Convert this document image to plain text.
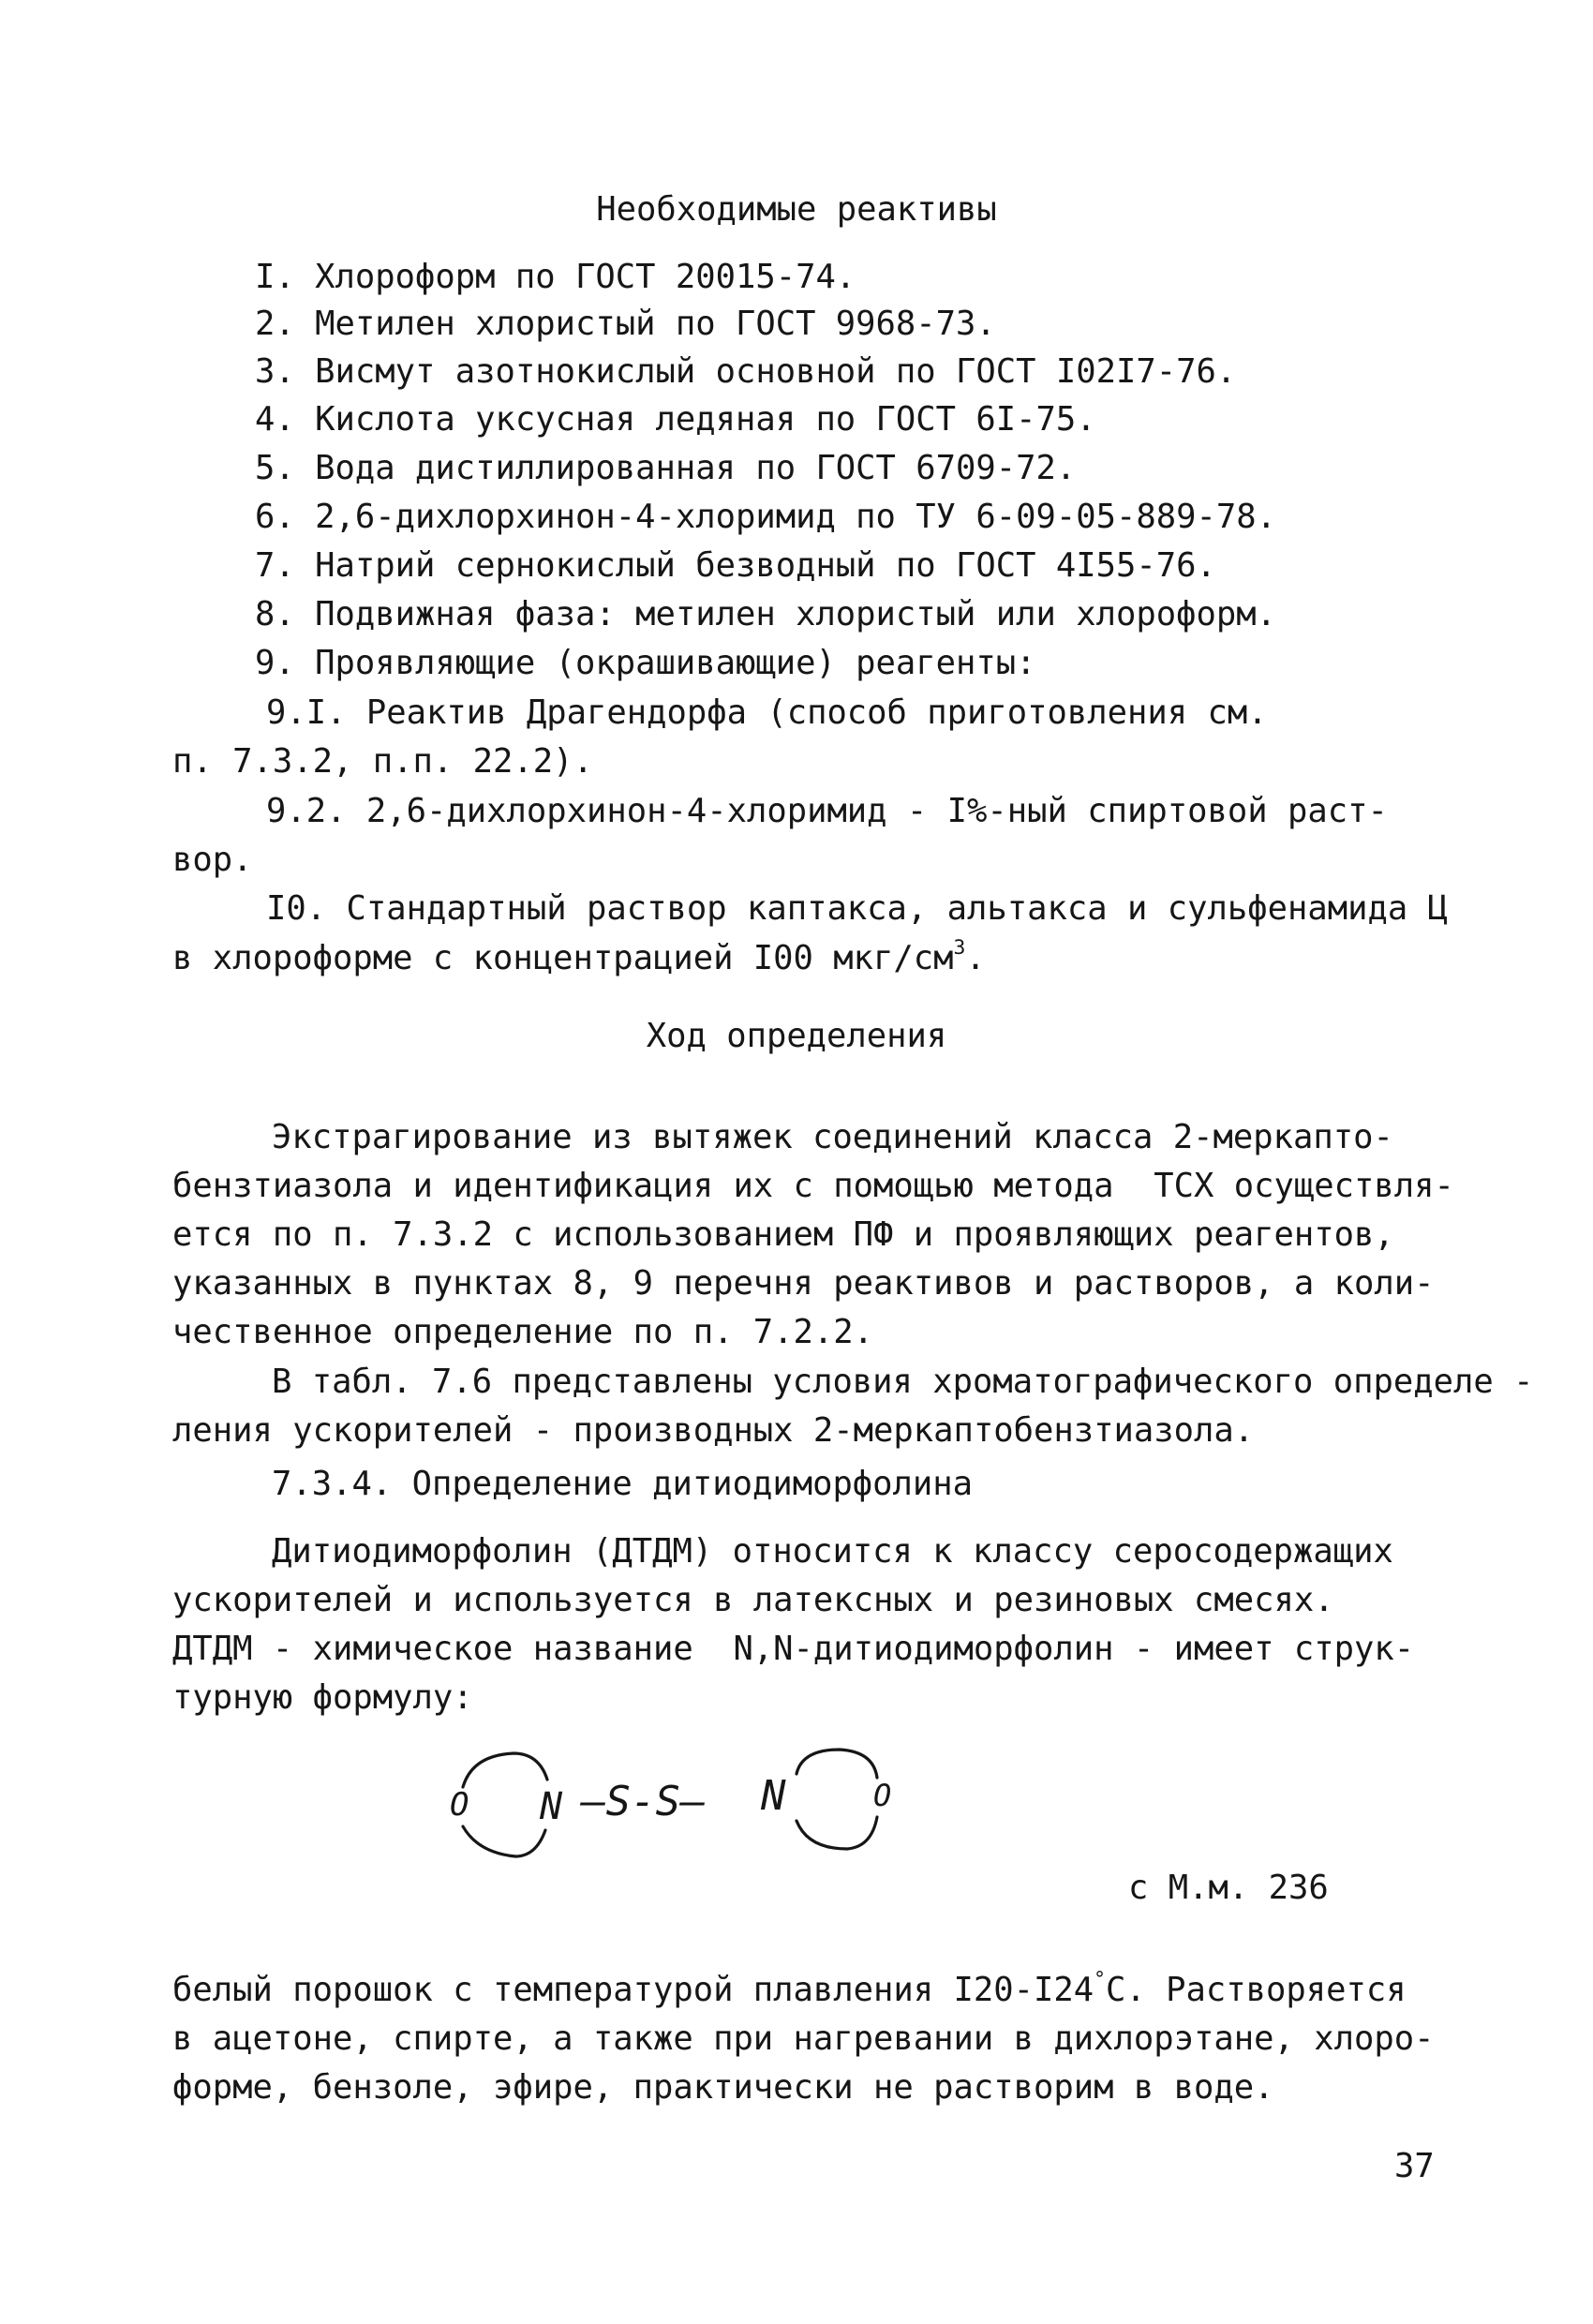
Необходимые реактивы
I. Хлороформ по ГОСТ 20015-74.
2. Метилен хлористый по ГОСТ 9968-73.
3. Висмут азотнокислый основной по ГОСТ I02I7-76.
4. Кислота уксусная ледяная по ГОСТ 6I-75.
5. Вода дистиллированная по ГОСТ 6709-72.
6. 2,6-дихлорхинон-4-хлоримид по ТУ 6-09-05-889-78.
7. Натрий сернокислый безводный по ГОСТ 4I55-76.
8. Подвижная фаза: метилен хлористый или хлороформ.
9. Проявляющие (окрашивающие) реагенты:
9.I. Реактив Драгендорфа (способ приготовления см.
п. 7.3.2, п.п. 22.2).
9.2. 2,6-дихлорхинон-4-хлоримид - I%-ный спиртовой раст-
вор.
I0. Стандартный раствор каптакса, альтакса и сульфенамида Ц
в хлороформе с концентрацией I00 мкг/$см^3$.
Ход определения
Экстрагирование из вытяжек соединений класса 2-меркапто-
бензтиазола и идентификация их с помощью метода  ТСХ осуществля-
ется по п. 7.3.2 с использованием ПФ и проявляющих реагентов,
указанных в пунктах 8, 9 перечня реактивов и растворов, а коли-
чественное определение по п. 7.2.2.
В табл. 7.6 представлены условия хроматографического определе -
ления ускорителей - производных 2-меркаптобензтиазола.
7.3.4. Определение дитиодиморфолина
Дитиодиморфолин (ДТДМ) относится к классу серосодержащих
ускорителей и используется в латексных и резиновых смесях.
ДТДМ - химическое название  N,N-дитиодиморфолин - имеет струк-
турную формулу:
O N —S-S— N	O
с М.м. 236
белый порошок с температурой плавления I20-I24°С. Растворяется
в ацетоне, спирте, а также при нагревании в дихлорэтане, хлоро-
форме, бензоле, эфире, практически не растворим в воде.
37
